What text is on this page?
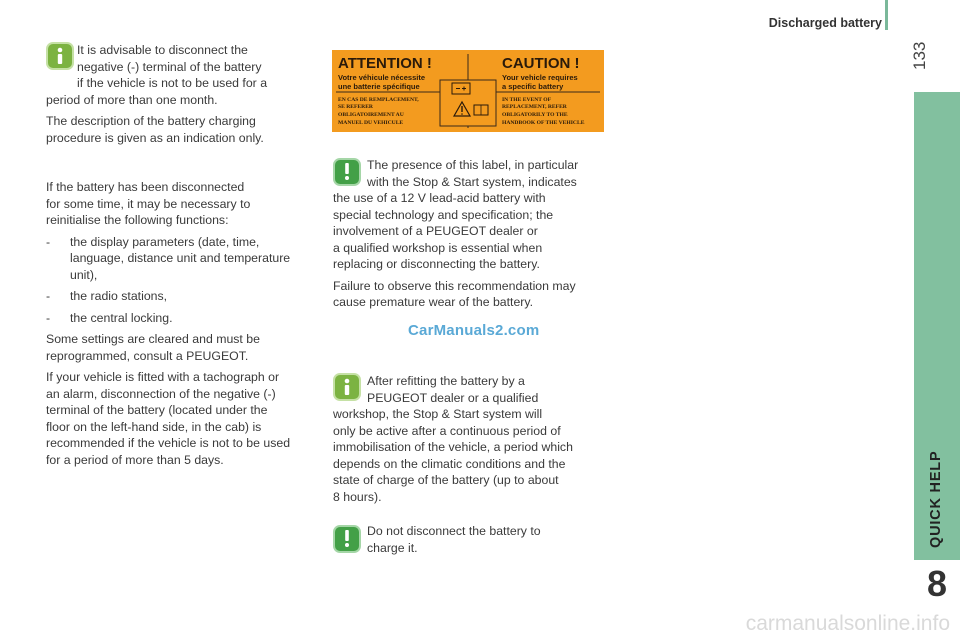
Discharged battery
133
QUICK HELP
8
It is advisable to disconnect the
negative (-) terminal of the battery
if the vehicle is not to be used for a
period of more than one month.
The description of the battery charging
procedure is given as an indication only.
If the battery has been disconnected
for some time, it may be necessary to
reinitialise the following functions:
-	the display parameters (date, time,
language, distance unit and temperature
unit),
-	the radio stations,
-	the central locking.
Some settings are cleared and must be
reprogrammed, consult a PEUGEOT.
If your vehicle is fitted with a tachograph or
an alarm, disconnection of the negative (-)
terminal of the battery (located under the
floor on the left-hand side, in the cab) is
recommended if the vehicle is not to be used
for a period of more than 5 days.
ATTENTION !	CAUTION !
Votre véhicule nécessite
une batterie spécifique
Your vehicle requires
a specific battery
EN CAS DE REMPLACEMENT,
SE REFERER
OBLIGATOIREMENT AU
MANUEL DU VEHICULE
IN THE EVENT OF
REPLACEMENT, REFER
OBLIGATORILY TO THE
HANDBOOK OF THE VEHICLE
The presence of this label, in particular
with the Stop & Start system, indicates
the use of a 12 V lead-acid battery with
special technology and specification; the
involvement of a PEUGEOT dealer or
a qualified workshop is essential when
replacing or disconnecting the battery.
Failure to observe this recommendation may
cause premature wear of the battery.
CarManuals2.com
After refitting the battery by a
PEUGEOT dealer or a qualified
workshop, the Stop & Start system will
only be active after a continuous period of
immobilisation of the vehicle, a period which
depends on the climatic conditions and the
state of charge of the battery (up to about
8 hours).
Do not disconnect the battery to
charge it.
carmanualsonline.info
